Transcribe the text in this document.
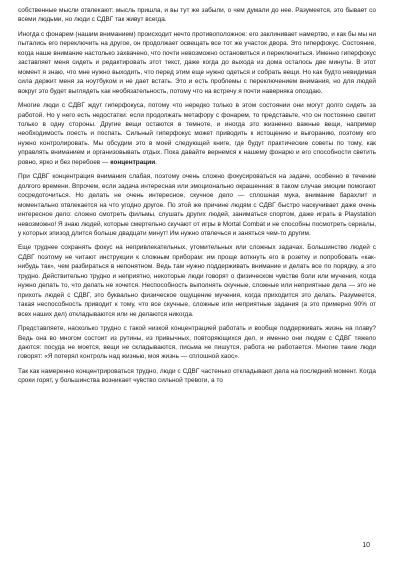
собственные мысли отвлекают: мысль пришла, и вы тут же забыли, о чем думали до нее. Разумеется, это бывает со всеми людьми, но люди с СДВГ так живут всегда.

Иногда с фонарем (нашим вниманием) происходит нечто противоположное: его заклинивает намертво, и как бы мы ни пытались его переключить на другое, он продолжает освещать все тот же участок двора. Это гиперфокус. Состояние, когда наше внимание настолько захвачено, что почти невозможно остановиться и переключиться. Именно гиперфокус заставляет меня сидеть и редактировать этот текст, даже когда до выхода из дома осталось две минуты. В этот момент я знаю, что мне нужно выходить, что перед этим еще нужно одеться и собрать вещи. Но как будто невидимая сила держит меня за ноутбуком и не дает встать. Это и есть проблемы с переключением внимания, но для людей вокруг это будет выглядеть как необязательность, потому что на встречу я почти наверняка опоздаю.

Многие люди с СДВГ ждут гиперфокуса, потому что нередко только в этом состоянии они могут долго сидеть за работой. Но у него есть недостатки: если продолжать метафору с фонарем, то представьте, что он постоянно светит только в одну стороны. Другие вещи остаются в темноте, и иногда это жизненно важные вещи, например необходимость поесть и поспать. Сильный гиперфокус может приводить к истощению и выгоранию, поэтому его нужно контролировать. Мы обсудим это в моей следующей книге, где будут практические советы по тому, как управлять вниманием и организовывать отдых. Пока давайте вернемся к нашему фонарю и его способности светить ровно, ярко и без перебоев — концентрации.

При СДВГ концентрация внимания слабая, поэтому очень сложно фокусироваться на задаче, особенно в течение долгого времени. Впрочем, если задача интересная или эмоционально окрашенная: в таком случае эмоции помогают сосредоточиться. Но делать не очень интересное, скучное дело — сплошная мука, внимание барахлит и моментально отвлекается на что угодно другое. По этой же причине людям с СДВГ быстро наскучивает даже очень интересное дело: сложно смотреть фильмы, слушать других людей, заниматься спортом, даже играть в Playstation невозможно! Я знаю людей, которые смертельно скучают от игры в Mortal Combat и не способны посмотреть сериалы, у которых эпизод длится больше двадцати минут! Им нужно отвлечься и заняться чем-то другим.

Еще труднее сохранять фокус на непривлекательных, утомительных или сложных задачах. Большинство людей с СДВГ поэтому не читают инструкции к сложным приборам: им проще воткнуть его в розетку и попробовать «как-нибудь так», чем разбираться в непонятном. Ведь там нужно поддерживать внимание и делать все по порядку, а это трудно. Действительно трудно и неприятно, некоторые люди говорят о физическом чувстве боли или мучения, когда нужно делать то, что делать не хочется. Неспособность выполнять скучные, сложные или неприятные дела — это не прихоть людей с СДВГ, это буквально физическое ощущение мучения, когда приходится это делать. Разумеется, такая неспособность приводит к тому, что все скучные, сложные или неприятные задания (а это примерно 90% от всех наших дел) откладываются или не делаются никогда.

Представляете, насколько трудно с такой низкой концентрацией работать и вообще поддерживать жизнь на плаву? Ведь она во многом состоит из рутины, из привычных, повторяющихся дел, и именно они людям с СДВГ тяжело даются: посуда не моется, вещи не складываются, письма не пишутся, работа не работается. Многие такие люди говорят: «Я потерял контроль над жизнью, моя жизнь — сплошной хаос».

Так как намеренно концентрироваться трудно, люди с СДВГ частенько откладывают дела на последний момент. Когда сроки горят, у большинства возникает чувство сильной тревоги, а то

10
